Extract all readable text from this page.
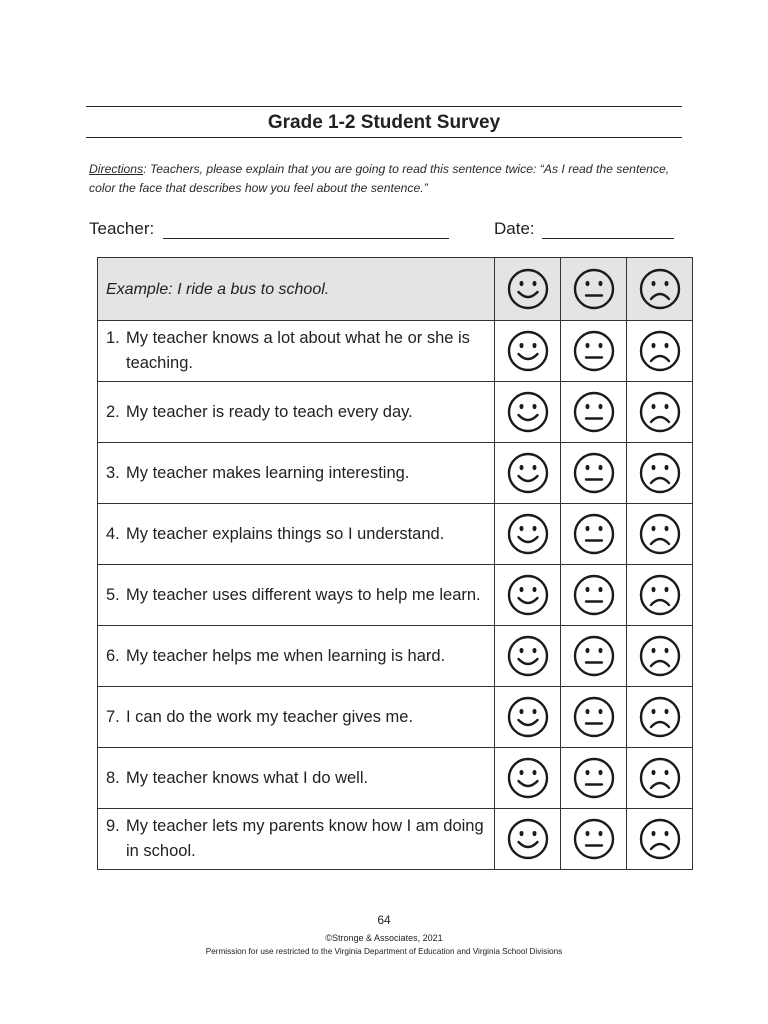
Grade 1-2 Student Survey
Directions: Teachers, please explain that you are going to read this sentence twice: “As I read the sentence, color the face that describes how you feel about the sentence.”
Teacher:	Date:
Example: I ride a bus to school.

1. My teacher knows a lot about what he or she is teaching.

2. My teacher is ready to teach every day.

3. My teacher makes learning interesting.

4. My teacher explains things so I understand.

5. My teacher uses different ways to help me learn.

6. My teacher helps me when learning is hard.

7. I can do the work my teacher gives me.

8. My teacher knows what I do well.

9. My teacher lets my parents know how I am doing in school.

64
©Stronge & Associates, 2021
Permission for use restricted to the Virginia Department of Education and Virginia School Divisions
